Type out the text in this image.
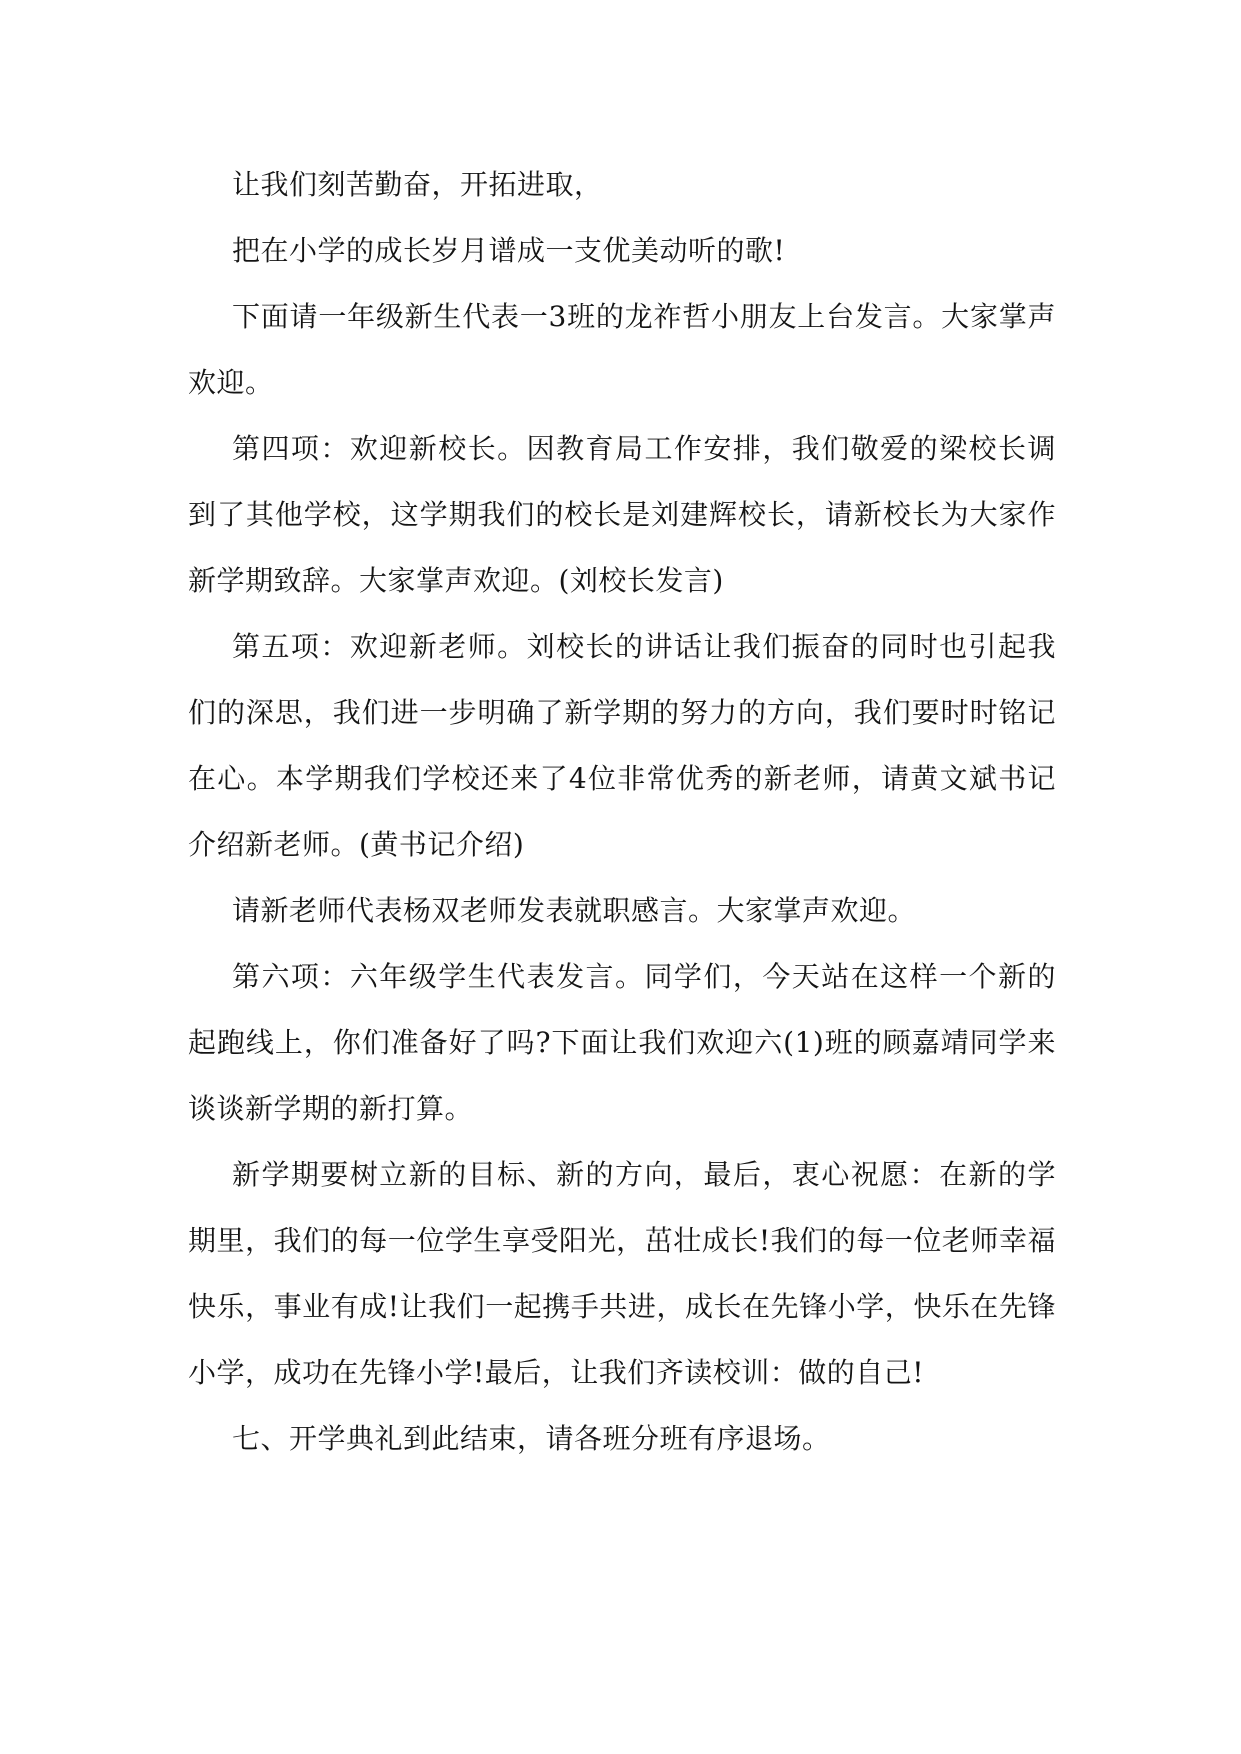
让我们刻苦勤奋，开拓进取，

把在小学的成长岁月谱成一支优美动听的歌!

下面请一年级新生代表一3班的龙祚哲小朋友上台发言。大家掌声欢迎。

第四项：欢迎新校长。因教育局工作安排，我们敬爱的梁校长调到了其他学校，这学期我们的校长是刘建辉校长，请新校长为大家作新学期致辞。大家掌声欢迎。(刘校长发言)

第五项：欢迎新老师。刘校长的讲话让我们振奋的同时也引起我们的深思，我们进一步明确了新学期的努力的方向，我们要时时铭记在心。本学期我们学校还来了4位非常优秀的新老师，请黄文斌书记介绍新老师。(黄书记介绍)

请新老师代表杨双老师发表就职感言。大家掌声欢迎。

第六项：六年级学生代表发言。同学们，今天站在这样一个新的起跑线上，你们准备好了吗?下面让我们欢迎六(1)班的顾嘉靖同学来谈谈新学期的新打算。

新学期要树立新的目标、新的方向，最后，衷心祝愿：在新的学期里，我们的每一位学生享受阳光，茁壮成长!我们的每一位老师幸福快乐，事业有成!让我们一起携手共进，成长在先锋小学，快乐在先锋小学，成功在先锋小学!最后，让我们齐读校训：做的自己!

七、开学典礼到此结束，请各班分班有序退场。
